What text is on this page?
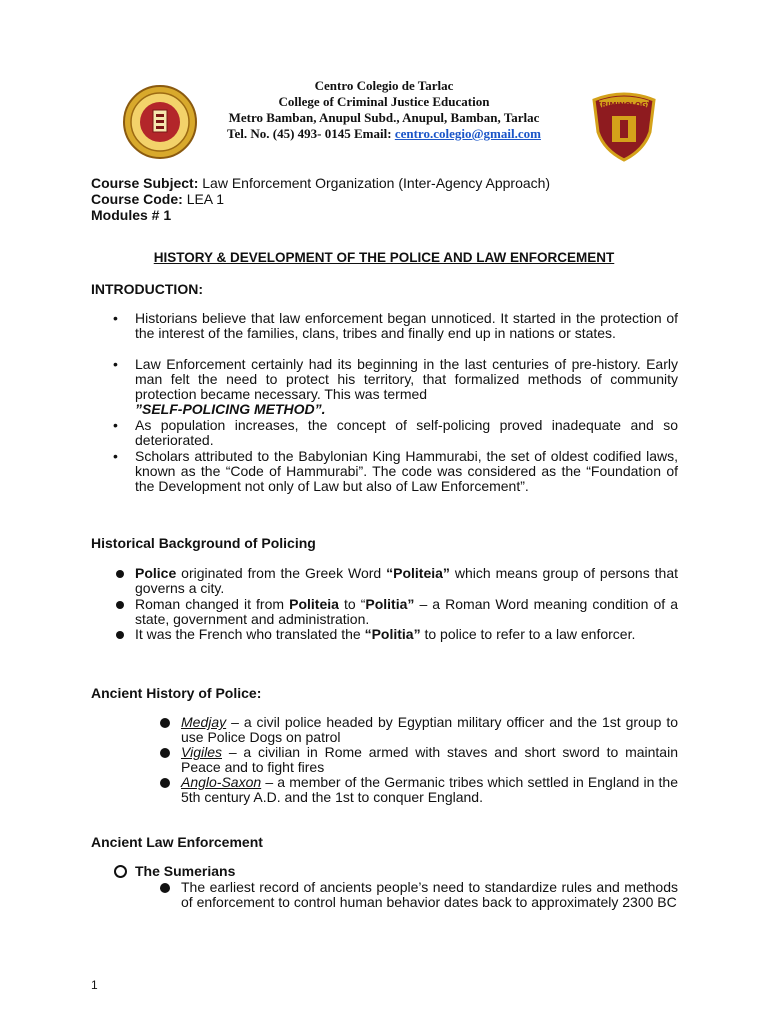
CRIMINOLOGY
Centro Colegio de Tarlac
College of Criminal Justice Education
Metro Bamban, Anupul Subd., Anupul, Bamban, Tarlac
Tel. No. (45) 493- 0145 Email: centro.colegio@gmail.com
Course Subject: Law Enforcement Organization (Inter-Agency Approach)
Course Code: LEA 1
Modules # 1
HISTORY & DEVELOPMENT OF THE POLICE AND LAW ENFORCEMENT
INTRODUCTION:
• Historians believe that law enforcement began unnoticed. It started in the protection of the interest of the families, clans, tribes and finally end up in nations or states.
• Law Enforcement certainly had its beginning in the last centuries of pre-history. Early man felt the need to protect his territory, that formalized methods of community protection became necessary. This was termed
”SELF-POLICING METHOD”.
• As population increases, the concept of self-policing proved inadequate and so deteriorated.
• Scholars attributed to the Babylonian King Hammurabi, the set of oldest codified laws, known as the “Code of Hammurabi”. The code was considered as the “Foundation of the Development not only of Law but also of Law Enforcement”.
Historical Background of Policing
Police originated from the Greek Word “Politeia” which means group of persons that governs a city.
Roman changed it from Politeia to “Politia” – a Roman Word meaning condition of a state, government and administration.
It was the French who translated the “Politia” to police to refer to a law enforcer.
Ancient History of Police:
Medjay – a civil police headed by Egyptian military officer and the 1st group to use Police Dogs on patrol
Vigiles – a civilian in Rome armed with staves and short sword to maintain Peace and to fight fires
Anglo-Saxon – a member of the Germanic tribes which settled in England in the 5th century A.D. and the 1st to conquer England.
Ancient Law Enforcement
The Sumerians
The earliest record of ancients people’s need to standardize rules and methods of enforcement to control human behavior dates back to approximately 2300 BC
1
